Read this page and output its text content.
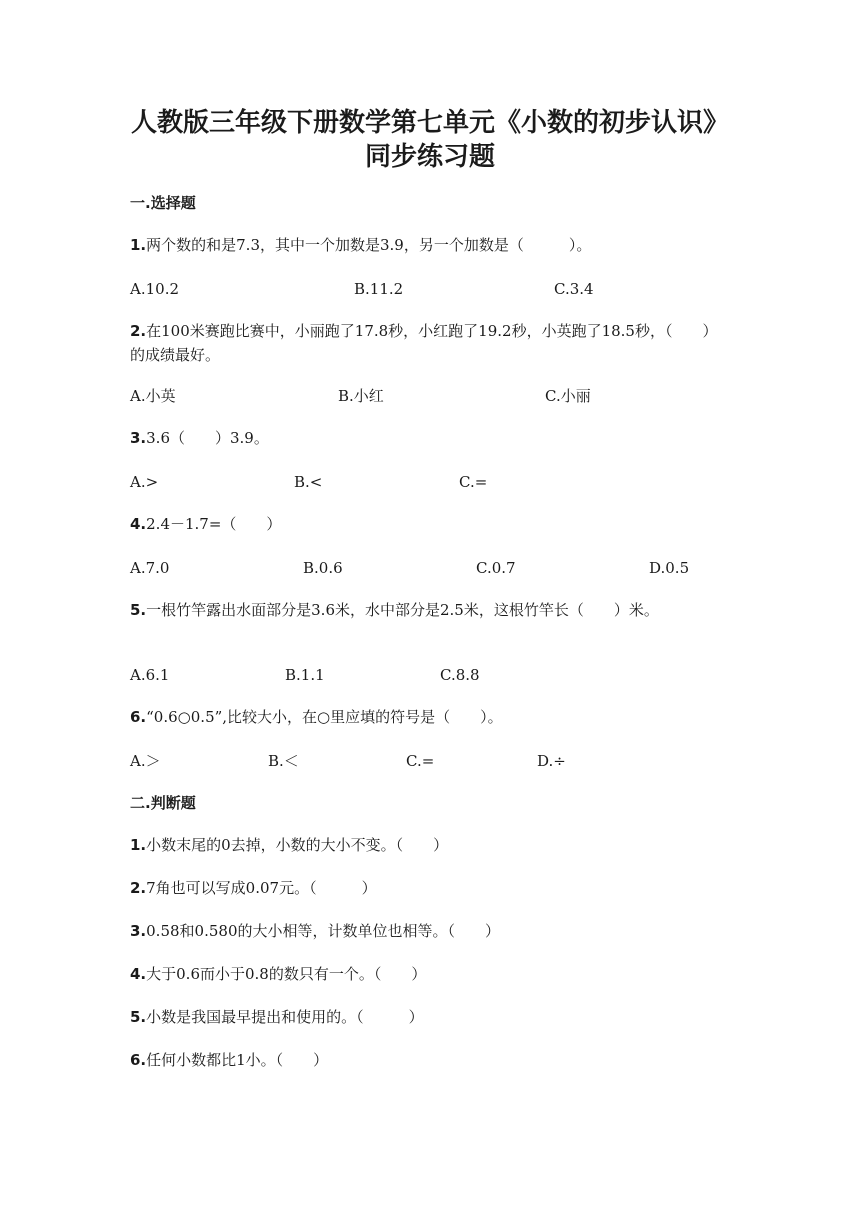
人教版三年级下册数学第七单元《小数的初步认识》
同步练习题
一.选择题
1.两个数的和是7.3，其中一个加数是3.9，另一个加数是（　　　）。
A.10.2	B.11.2	C.3.4
2.在100米赛跑比赛中，小丽跑了17.8秒，小红跑了19.2秒，小英跑了18.5秒，（　　）的成绩最好。
A.小英	B.小红	C.小丽
3.3.6（　　）3.9。
A.>	B.<	C.=
4.2.4－1.7=（　　）
A.7.0	B.0.6	C.0.7	D.0.5
5.一根竹竿露出水面部分是3.6米，水中部分是2.5米，这根竹竿长（　　）米。
A.6.1	B.1.1	C.8.8
6.“0.6○0.5”,比较大小，在○里应填的符号是（　　）。
A.＞	B.＜	C.=	D.÷
二.判断题
1.小数末尾的0去掉，小数的大小不变。（　　）
2.7角也可以写成0.07元。（　　　）
3.0.58和0.580的大小相等，计数单位也相等。（　　）
4.大于0.6而小于0.8的数只有一个。（　　）
5.小数是我国最早提出和使用的。（　　　）
6.任何小数都比1小。（　　）
